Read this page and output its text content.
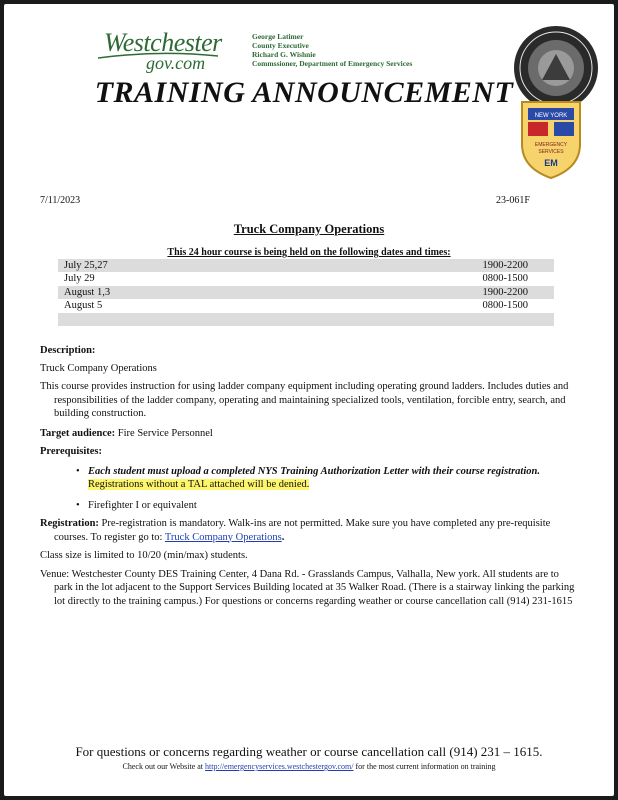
Westchester
gov.com
George Latimer
County Executive
Richard G. Wishnie
Commssioner, Department of Emergency Services
NEW YORK
EMERGENCY
SERVICES
EM
TRAINING ANNOUNCEMENT
7/11/2023	23-061F
Truck Company Operations
This 24 hour course is being held on the following dates and times:
July 25,27	1900-2200
July 29	0800-1500
August 1,3	1900-2200
August 5	0800-1500

Description:

Truck Company Operations

This course provides instruction for using ladder company equipment including operating ground ladders. Includes duties and responsibilities of the ladder company, operating and maintaining specialized tools, ventilation, forcible entry, search, and building construction.

Target audience: Fire Service Personnel

Prerequisites:

• Each student must upload a completed NYS Training Authorization Letter with their course registration. Registrations without a TAL attached will be denied.
• Firefighter I or equivalent

Registration: Pre-registration is mandatory. Walk-ins are not permitted. Make sure you have completed any pre-requisite courses. To register go to: Truck Company Operations.

Class size is limited to 10/20 (min/max) students.

Venue: Westchester County DES Training Center, 4 Dana Rd. - Grasslands Campus, Valhalla, New york. All students are to park in the lot adjacent to the Support Services Building located at 35 Walker Road. (There is a stairway linking the parking lot directly to the training campus.) For questions or concerns regarding weather or course cancellation call (914) 231-1615

For questions or concerns regarding weather or course cancellation call (914) 231 – 1615.
Check out our Website at http://emergencyservices.westchestergov.com/ for the most current information on training
